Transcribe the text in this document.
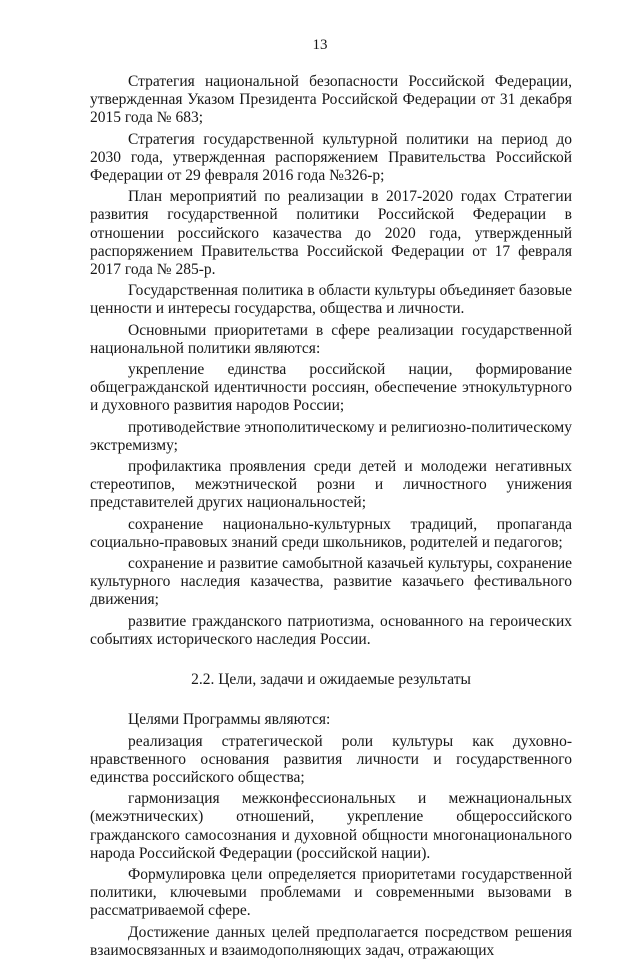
13

Стратегия национальной безопасности Российской Федерации, утвержденная Указом Президента Российской Федерации от 31 декабря 2015 года № 683;

Стратегия государственной культурной политики на период до 2030 года, утвержденная распоряжением Правительства Российской Федерации от 29 февраля 2016 года №326-р;

План мероприятий по реализации в 2017-2020 годах Стратегии развития государственной политики Российской Федерации в отношении российского казачества до 2020 года, утвержденный распоряжением Правительства Российской Федерации от 17 февраля 2017 года № 285-р.

Государственная политика в области культуры объединяет базовые ценности и интересы государства, общества и личности.

Основными приоритетами в сфере реализации государственной национальной политики являются:

укрепление единства российской нации, формирование общегражданской идентичности россиян, обеспечение этнокультурного и духовного развития народов России;

противодействие этнополитическому и религиозно-политическому экстремизму;

профилактика проявления среди детей и молодежи негативных стереотипов, межэтнической розни и личностного унижения представителей других национальностей;

сохранение национально-культурных традиций, пропаганда социально-правовых знаний среди школьников, родителей и педагогов;

сохранение и развитие самобытной казачьей культуры, сохранение культурного наследия казачества, развитие казачьего фестивального движения;

развитие гражданского патриотизма, основанного на героических событиях исторического наследия России.

2.2. Цели, задачи и ожидаемые результаты

Целями Программы являются:

реализация стратегической роли культуры как духовно-нравственного основания развития личности и государственного единства российского общества;

гармонизация межконфессиональных и межнациональных (межэтнических) отношений, укрепление общероссийского гражданского самосознания и духовной общности многонационального народа Российской Федерации (российской нации).

Формулировка цели определяется приоритетами государственной политики, ключевыми проблемами и современными вызовами в рассматриваемой сфере.

Достижение данных целей предполагается посредством решения взаимосвязанных и взаимодополняющих задач, отражающих
